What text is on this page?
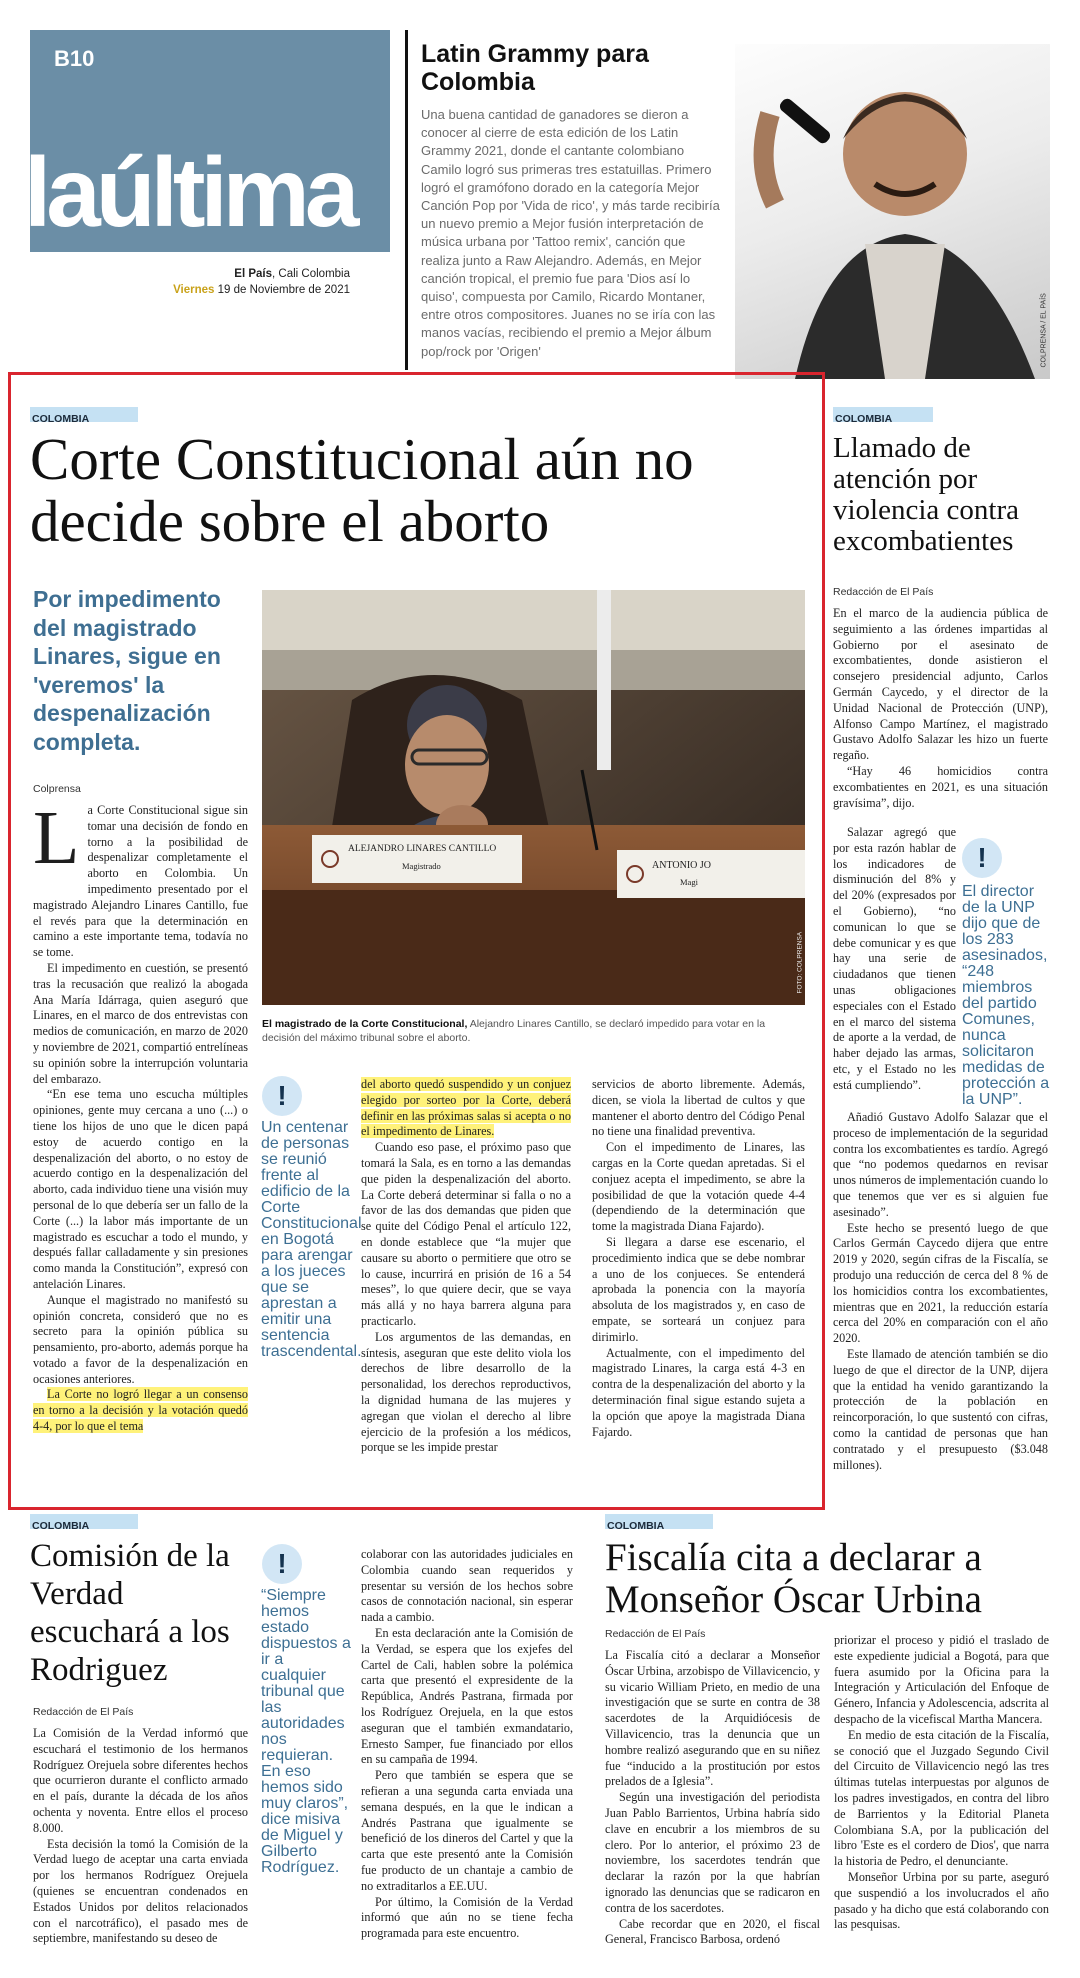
B10
laúltima
El País, Cali Colombia
Viernes 19 de Noviembre de 2021
Latin Grammy para Colombia

Una buena cantidad de ganadores se dieron a conocer al cierre de esta edición de los Latin Grammy 2021, donde el cantante colombiano Camilo logró sus primeras tres estatuillas. Primero logró el gramófono dorado en la categoría Mejor Canción Pop por 'Vida de rico', y más tarde recibiría un nuevo premio a Mejor fusión interpretación de música urbana por 'Tattoo remix', canción que realiza junto a Raw Alejandro. Además, en Mejor canción tropical, el premio fue para 'Dios así lo quiso', compuesta por Camilo, Ricardo Montaner, entre otros compositores. Juanes no se iría con las manos vacías, recibiendo el premio a Mejor álbum pop/rock por 'Origen'	COLPRENSA / EL PAÍS
COLOMBIA
Corte Constitucional aún no decide sobre el aborto
Por impedimento del magistrado Linares, sigue en 'veremos' la despenalización completa.
ALEJANDRO LINARES CANTILLO
Magistrado	ANTONIO JO
Magi
FOTO: COLPRENSA

El magistrado de la Corte Constitucional, Alejandro Linares Cantillo, se declaró impedido para votar en la decisión del máximo tribunal sobre el aborto.

Colprensa
L a Corte Constitucional sigue sin tomar una decisión de fondo en torno a la posibilidad de despenalizar completamente el aborto en Colombia. Un impedimento presentado por el magistrado Alejandro Linares Cantillo, fue el revés para que la determinación en camino a este importante tema, todavía no se tome.

El impedimento en cuestión, se presentó tras la recusación que realizó la abogada Ana María Idárraga, quien aseguró que Linares, en el marco de dos entrevistas con medios de comunicación, en marzo de 2020 y noviembre de 2021, compartió entrelíneas su opinión sobre la interrupción voluntaria del embarazo.

“En ese tema uno escucha múltiples opiniones, gente muy cercana a uno (...) o tiene los hijos de uno que le dicen papá estoy de acuerdo contigo en la despenalización del aborto, o no estoy de acuerdo contigo en la despenalización del aborto, cada individuo tiene una visión muy personal de lo que debería ser un fallo de la Corte (...) la labor más importante de un magistrado es escuchar a todo el mundo, y después fallar calladamente y sin presiones como manda la Constitución”, expresó con antelación Linares.

Aunque el magistrado no manifestó su opinión concreta, consideró que no es secreto para la opinión pública su pensamiento, pro-aborto, además porque ha votado a favor de la despenalización en ocasiones anteriores.

La Corte no logró llegar a un consenso en torno a la decisión y la votación quedó 4-4, por lo que el tema

!

Un centenar de personas se reunió frente al edificio de la Corte Constitucional en Bogotá para arengar a los jueces que se aprestan a emitir una sentencia trascendental.

del aborto quedó suspendido y un conjuez elegido por sorteo por la Corte, deberá definir en las próximas salas si acepta o no el impedimento de Linares.

Cuando eso pase, el próximo paso que tomará la Sala, es en torno a las demandas que piden la despenalización del aborto. La Corte deberá determinar si falla o no a favor de las dos demandas que piden que se quite del Código Penal el artículo 122, en donde establece que “la mujer que causare su aborto o permitiere que otro se lo cause, incurrirá en prisión de 16 a 54 meses”, lo que quiere decir, que se vaya más allá y no haya barrera alguna para practicarlo.

Los argumentos de las demandas, en síntesis, aseguran que este delito viola los derechos de libre desarrollo de la personalidad, los derechos reproductivos, la dignidad humana de las mujeres y agregan que violan el derecho al libre ejercicio de la profesión a los médicos, porque se les impide prestar

servicios de aborto libremente. Además, dicen, se viola la libertad de cultos y que mantener el aborto dentro del Código Penal no tiene una finalidad preventiva.

Con el impedimento de Linares, las cargas en la Corte quedan apretadas. Si el conjuez acepta el impedimento, se abre la posibilidad de que la votación quede 4-4 (dependiendo de la determinación que tome la magistrada Diana Fajardo).

Si llegara a darse ese escenario, el procedimiento indica que se debe nombrar a uno de los conjueces. Se entenderá aprobada la ponencia con la mayoría absoluta de los magistrados y, en caso de empate, se sorteará un conjuez para dirimirlo.

Actualmente, con el impedimento del magistrado Linares, la carga está 4-3 en contra de la despenalización del aborto y la determinación final sigue estando sujeta a la opción que apoye la magistrada Diana Fajardo.

COLOMBIA
Llamado de atención por violencia contra excombatientes
Redacción de El País

En el marco de la audiencia pública de seguimiento a las órdenes impartidas al Gobierno por el asesinato de excombatientes, donde asistieron el consejero presidencial adjunto, Carlos Germán Caycedo, y el director de la Unidad Nacional de Protección (UNP), Alfonso Campo Martínez, el magistrado Gustavo Adolfo Salazar les hizo un fuerte regaño.

“Hay 46 homicidios contra excombatientes en 2021, es una situación gravísima”, dijo.

Salazar agregó que por esta razón hablar de los indicadores de disminución del 8% y del 20% (expresados por el Gobierno), “no comunican lo que se debe comunicar y es que hay una serie de ciudadanos que tienen unas obligaciones especiales con el Estado en el marco del sistema de aporte a la verdad, de haber dejado las armas, etc, y el Estado no les está cumpliendo”.

!

El director de la UNP dijo que de los 283 asesinados, “248 miembros del partido Comunes, nunca solicitaron medidas de protección a la UNP”.

Añadió Gustavo Adolfo Salazar que el proceso de implementación de la seguridad contra los excombatientes es tardío. Agregó que “no podemos quedarnos en revisar unos números de implementación cuando lo que tenemos que ver es si alguien fue asesinado”.

Este hecho se presentó luego de que Carlos Germán Caycedo dijera que entre 2019 y 2020, según cifras de la Fiscalía, se produjo una reducción de cerca del 8 % de los homicidios contra los excombatientes, mientras que en 2021, la reducción estaría cerca del 20% en comparación con el año 2020.

Este llamado de atención también se dio luego de que el director de la UNP, dijera que la entidad ha venido garantizando la protección de la población en reincorporación, lo que sustentó con cifras, como la cantidad de personas que han contratado y el presupuesto ($3.048 millones).

COLOMBIA
Comisión de la Verdad escuchará a los Rodriguez
Redacción de El País

La Comisión de la Verdad informó que escuchará el testimonio de los hermanos Rodríguez Orejuela sobre diferentes hechos que ocurrieron durante el conflicto armado en el país, durante la década de los años ochenta y noventa. Entre ellos el proceso 8.000.

Esta decisión la tomó la Comisión de la Verdad luego de aceptar una carta enviada por los hermanos Rodríguez Orejuela (quienes se encuentran condenados en Estados Unidos por delitos relacionados con el narcotráfico), el pasado mes de septiembre, manifestando su deseo de

!

“Siempre hemos estado dispuestos a ir a cualquier tribunal que las autoridades nos requieran. En eso hemos sido muy claros”, dice misiva de Miguel y Gilberto Rodríguez.

colaborar con las autoridades judiciales en Colombia cuando sean requeridos y presentar su versión de los hechos sobre casos de connotación nacional, sin esperar nada a cambio.

En esta declaración ante la Comisión de la Verdad, se espera que los exjefes del Cartel de Cali, hablen sobre la polémica carta que presentó el expresidente de la República, Andrés Pastrana, firmada por los Rodríguez Orejuela, en la que estos aseguran que el también exmandatario, Ernesto Samper, fue financiado por ellos en su campaña de 1994.

Pero que también se espera que se refieran a una segunda carta enviada una semana después, en la que le indican a Andrés Pastrana que igualmente se benefició de los dineros del Cartel y que la carta que este presentó ante la Comisión fue producto de un chantaje a cambio de no extraditarlos a EE.UU.

Por último, la Comisión de la Verdad informó que aún no se tiene fecha programada para este encuentro.

COLOMBIA
Fiscalía cita a declarar a Monseñor Óscar Urbina
Redacción de El País

La Fiscalía citó a declarar a Monseñor Óscar Urbina, arzobispo de Villavicencio, y su vicario William Prieto, en medio de una investigación que se surte en contra de 38 sacerdotes de la Arquidiócesis de Villavicencio, tras la denuncia que un hombre realizó asegurando que en su niñez fue “inducido a la prostitución por estos prelados de a Iglesia”.

Según una investigación del periodista Juan Pablo Barrientos, Urbina habría sido clave en encubrir a los miembros de su clero. Por lo anterior, el próximo 23 de noviembre, los sacerdotes tendrán que declarar la razón por la que habrían ignorado las denuncias que se radicaron en contra de los sacerdotes.

Cabe recordar que en 2020, el fiscal General, Francisco Barbosa, ordenó

priorizar el proceso y pidió el traslado de este expediente judicial a Bogotá, para que fuera asumido por la Oficina para la Integración y Articulación del Enfoque de Género, Infancia y Adolescencia, adscrita al despacho de la vicefiscal Martha Mancera.

En medio de esta citación de la Fiscalía, se conoció que el Juzgado Segundo Civil del Circuito de Villavicencio negó las tres últimas tutelas interpuestas por algunos de los padres investigados, en contra del libro de Barrientos y la Editorial Planeta Colombiana S.A, por la publicación del libro 'Este es el cordero de Dios', que narra la historia de Pedro, el denunciante.

Monseñor Urbina por su parte, aseguró que suspendió a los involucrados el año pasado y ha dicho que está colaborando con las pesquisas.
